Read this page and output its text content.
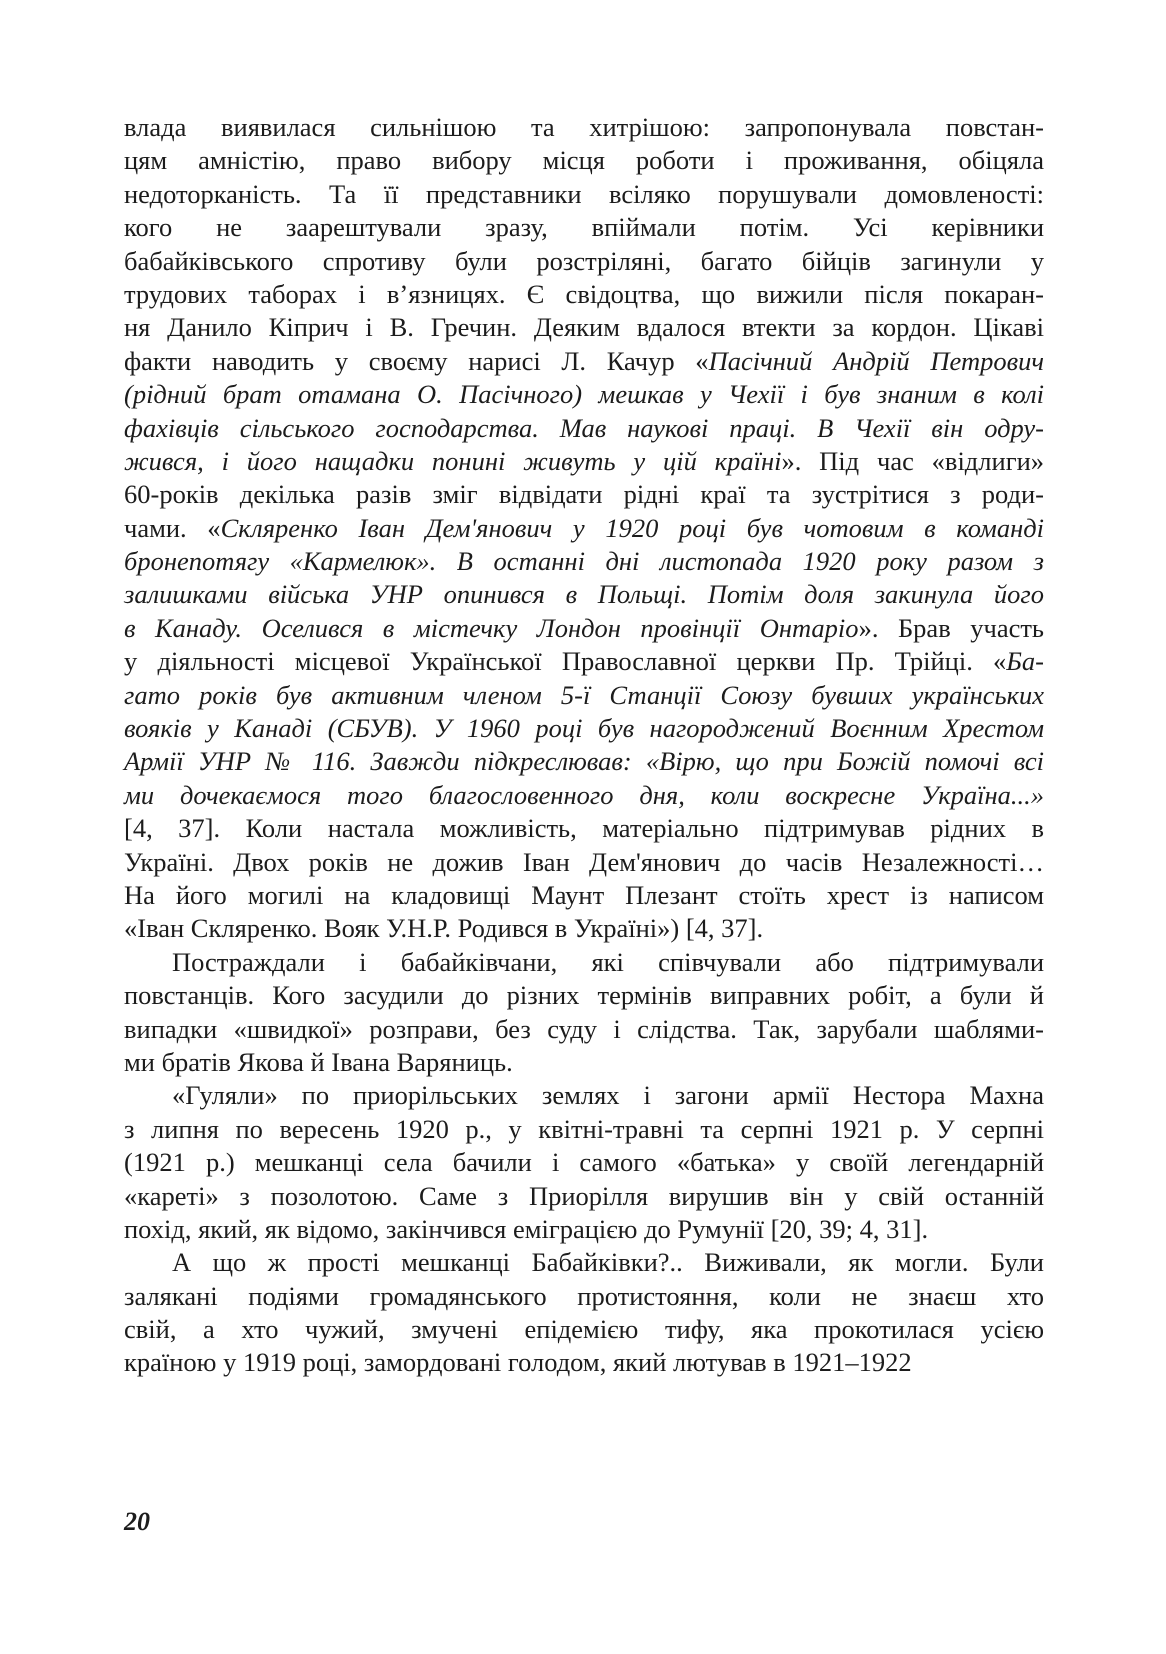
влада виявилася сильнішою та хитрішою: запропонувала повстан-
цям амністію, право вибору місця роботи і проживання, обіцяла
недоторканість. Та її представники всіляко порушували домовленості:
кого не заарештували зразу, впіймали потім. Усі керівники
бабайківського спротиву були розстріляні, багато бійців загинули у
трудових таборах і в’язницях. Є свідоцтва, що вижили після покаран-
ня Данило Кіприч і В. Гречин. Деяким вдалося втекти за кордон. Цікаві
факти наводить у своєму нарисі Л. Качур «Пасічний Андрій Петрович
(рідний брат отамана О. Пасічного) мешкав у Чехії і був знаним в колі
фахівців сільського господарства. Мав наукові праці. В Чехії він одру-
жився, і його нащадки понині живуть у цій країні». Під час «відлиги»
60-років декілька разів зміг відвідати рідні краї та зустрітися з роди-
чами. «Скляренко Іван Дем'янович у 1920 році був чотовим в команді
бронепотягу «Кармелюк». В останні дні листопада 1920 року разом з
залишками війська УНР опинився в Польщі. Потім доля закинула його
в Канаду. Оселився в містечку Лондон провінції Онтаріо». Брав участь
у діяльності місцевої Української Православної церкви Пр. Трійці. «Ба-
гато років був активним членом 5-ї Станції Союзу бувших українських
вояків у Канаді (СБУВ). У 1960 році був нагороджений Воєнним Хрестом
Армії УНР № 116. Завжди підкреслював: «Вірю, що при Божій помочі всі
ми дочекаємося того благословенного дня, коли воскресне Україна...»
[4, 37]. Коли настала можливість, матеріально підтримував рідних в
Україні. Двох років не дожив Іван Дем'янович до часів Незалежності…
На його могилі на кладовищі Маунт Плезант стоїть хрест із написом
«Іван Скляренко. Вояк У.Н.Р. Родився в Україні») [4, 37].
Постраждали і бабайківчани, які співчували або підтримували
повстанців. Кого засудили до різних термінів виправних робіт, а були й
випадки «швидкої» розправи, без суду і слідства. Так, зарубали шаблями-
ми братів Якова й Івана Варяниць.
«Гуляли» по приорільських землях і загони армії Нестора Махна
з липня по вересень 1920 р., у квітні-травні та серпні 1921 р. У серпні
(1921 р.) мешканці села бачили і самого «батька» у своїй легендарній
«кареті» з позолотою. Саме з Приорілля вирушив він у свій останній
похід, який, як відомо, закінчився еміграцією до Румунії [20, 39; 4, 31].
А що ж прості мешканці Бабайківки?.. Виживали, як могли. Були
залякані подіями громадянського протистояння, коли не знаєш хто
свій, а хто чужий, змучені епідемією тифу, яка прокотилася усією
країною у 1919 році, замордовані голодом, який лютував в 1921–1922
20
